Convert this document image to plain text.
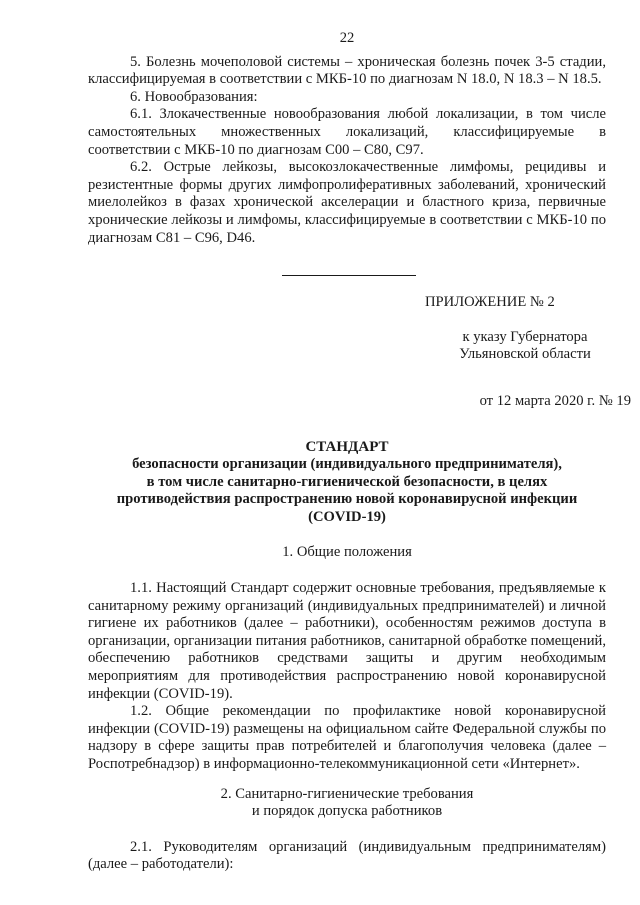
22

5. Болезнь мочеполовой системы – хроническая болезнь почек 3-5 стадии, классифицируемая в соответствии с МКБ-10 по диагнозам N 18.0, N 18.3 – N 18.5.

6. Новообразования:

6.1. Злокачественные новообразования любой локализации, в том числе самостоятельных множественных локализаций, классифицируемые в соответствии с МКБ-10 по диагнозам С00 – С80, С97.

6.2. Острые лейкозы, высокозлокачественные лимфомы, рецидивы и резистентные формы других лимфопролиферативных заболеваний, хронический миелолейкоз в фазах хронической акселерации и бластного криза, первичные хронические лейкозы и лимфомы, классифицируемые в соответствии с МКБ-10 по диагнозам С81 – С96, D46.

ПРИЛОЖЕНИЕ № 2

к указу Губернатора

Ульяновской области

от 12 марта 2020 г. № 19

СТАНДАРТ

безопасности организации (индивидуального предпринимателя),

в том числе санитарно-гигиенической безопасности, в целях

противодействия распространению новой коронавирусной инфекции

(COVID-19)

1. Общие положения

1.1. Настоящий Стандарт содержит основные требования, предъявляемые к санитарному режиму организаций (индивидуальных предпринимателей) и личной гигиене их работников (далее – работники), особенностям режимов доступа в организации, организации питания работников, санитарной обработке помещений, обеспечению работников средствами защиты и другим необходимым мероприятиям для противодействия распространению новой коронавирусной инфекции (COVID-19).

1.2. Общие рекомендации по профилактике новой коронавирусной инфекции (COVID-19) размещены на официальном сайте Федеральной службы по надзору в сфере защиты прав потребителей и благополучия человека (далее – Роспотребнадзор) в информационно-телекоммуникационной сети «Интернет».

2. Санитарно-гигиенические требования
и порядок допуска работников

2.1. Руководителям организаций (индивидуальным предпринимателям) (далее – работодатели):
